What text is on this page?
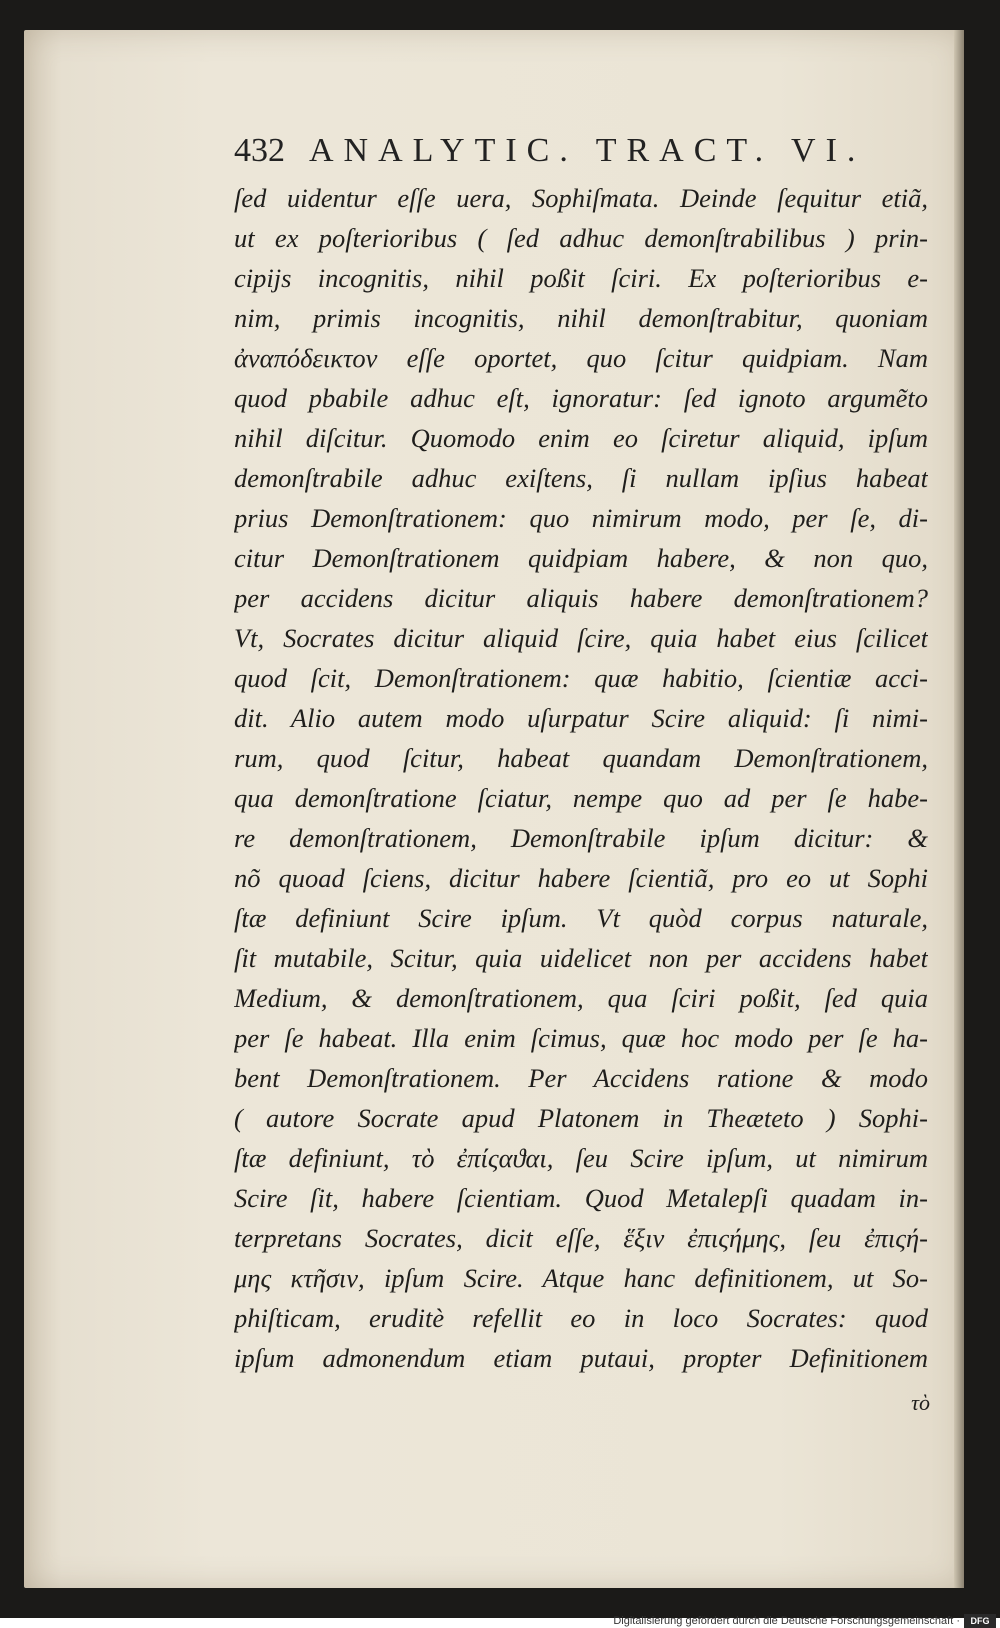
432 ANALYTIC. TRACT. VI.
ſed uidentur eſſe uera, Sophiſmata. Deinde ſequitur etiã,
ut ex poſterioribus ( ſed adhuc demonſtrabilibus ) prin-
cipijs incognitis, nihil poßit ſciri. Ex poſterioribus e-
nim, primis incognitis, nihil demonſtrabitur, quoniam
ἀναπόδεικτον eſſe oportet, quo ſcitur quidpiam. Nam
quod pbabile adhuc eſt, ignoratur: ſed ignoto argumẽto
nihil diſcitur. Quomodo enim eo ſciretur aliquid, ipſum
demonſtrabile adhuc exiſtens, ſi nullam ipſius habeat
prius Demonſtrationem: quo nimirum modo, per ſe, di-
citur Demonſtrationem quidpiam habere, & non quo,
per accidens dicitur aliquis habere demonſtrationem?
Vt, Socrates dicitur aliquid ſcire, quia habet eius ſcilicet
quod ſcit, Demonſtrationem: quæ habitio, ſcientiæ acci-
dit. Alio autem modo uſurpatur Scire aliquid: ſi nimi-
rum, quod ſcitur, habeat quandam Demonſtrationem,
qua demonſtratione ſciatur, nempe quo ad per ſe habe-
re demonſtrationem, Demonſtrabile ipſum dicitur: &
nõ quoad ſciens, dicitur habere ſcientiã, pro eo ut Sophi
ſtæ definiunt Scire ipſum. Vt quòd corpus naturale,
ſit mutabile, Scitur, quia uidelicet non per accidens habet
Medium, & demonſtrationem, qua ſciri poßit, ſed quia
per ſe habeat. Illa enim ſcimus, quæ hoc modo per ſe ha-
bent Demonſtrationem. Per Accidens ratione & modo
( autore Socrate apud Platonem in Theæteto ) Sophi-
ſtæ definiunt, τὸ ἐπίςαϑαι, ſeu Scire ipſum, ut nimirum
Scire ſit, habere ſcientiam. Quod Metalepſi quadam in-
terpretans Socrates, dicit eſſe, ἕξιν ἐπιςήμης, ſeu ἐπιςή-
μης κτῆσιν, ipſum Scire. Atque hanc definitionem, ut So-
phiſticam, eruditè refellit eo in loco Socrates: quod
ipſum admonendum etiam putaui, propter Definitionem
τὸ
Digitalisierung gefördert durch die Deutsche Forschungsgemeinschaft ·	DFG
